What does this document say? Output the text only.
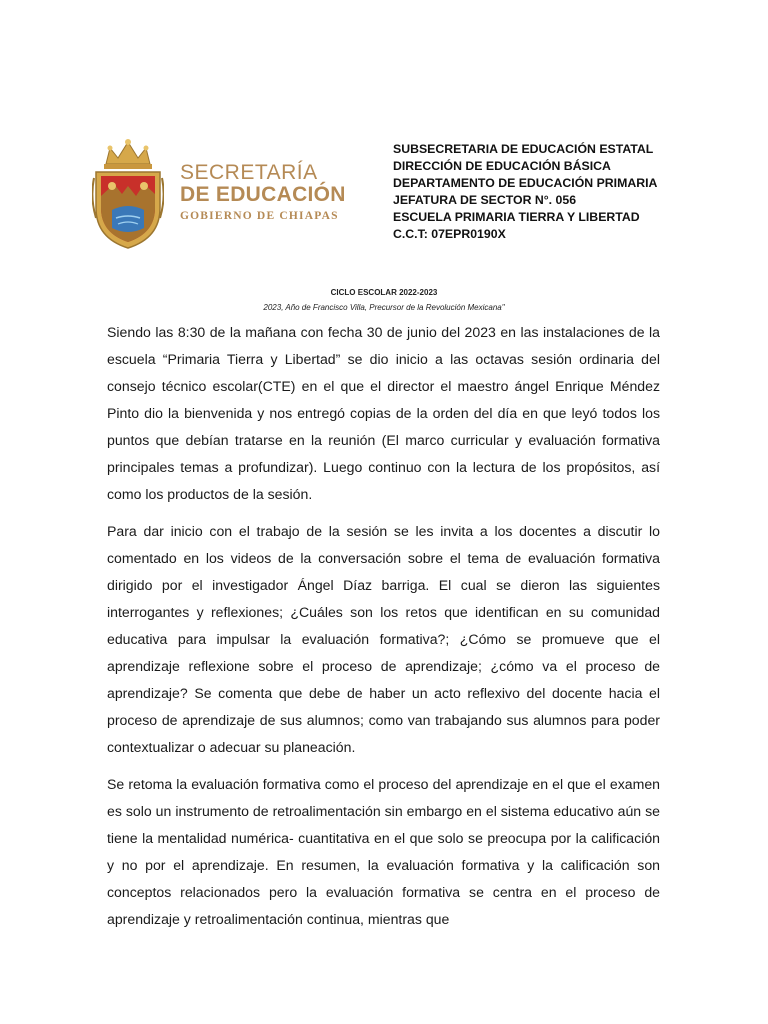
SECRETARÍA
DE EDUCACIÓN
GOBIERNO DE CHIAPAS
SUBSECRETARIA DE EDUCACIÓN ESTATAL
DIRECCIÓN DE EDUCACIÓN BÁSICA
DEPARTAMENTO DE EDUCACIÓN PRIMARIA
JEFATURA DE SECTOR N°. 056
ESCUELA PRIMARIA TIERRA Y LIBERTAD
C.C.T: 07EPR0190X
CICLO ESCOLAR 2022-2023
2023, Año de Francisco Villa, Precursor de la Revolución Mexicana"

Siendo las 8:30 de la mañana con fecha 30 de junio del 2023 en las instalaciones de la escuela “Primaria Tierra y Libertad” se dio inicio a las octavas sesión ordinaria del consejo técnico escolar(CTE) en el que el director el maestro ángel Enrique Méndez Pinto dio la bienvenida y nos entregó copias de la orden del día en que leyó todos los puntos que debían tratarse en la reunión (El marco curricular y evaluación formativa principales temas a profundizar). Luego continuo con la lectura de los propósitos, así como los productos de la sesión.

Para dar inicio con el trabajo de la sesión se les invita a los docentes a discutir lo comentado en los videos de la conversación sobre el tema de evaluación formativa dirigido por el investigador Ángel Díaz barriga. El cual se dieron las siguientes interrogantes y reflexiones; ¿Cuáles son los retos que identifican en su comunidad educativa para impulsar la evaluación formativa?; ¿Cómo se promueve que el aprendizaje reflexione sobre el proceso de aprendizaje; ¿cómo va el proceso de aprendizaje? Se comenta que debe de haber un acto reflexivo del docente hacia el proceso de aprendizaje de sus alumnos; como van trabajando sus alumnos para poder contextualizar o adecuar su planeación.

Se retoma la evaluación formativa como el proceso del aprendizaje en el que el examen es solo un instrumento de retroalimentación sin embargo en el sistema educativo aún se tiene la mentalidad numérica- cuantitativa en el que solo se preocupa por la calificación y no por el aprendizaje. En resumen, la evaluación formativa y la calificación son conceptos relacionados pero la evaluación formativa se centra en el proceso de aprendizaje y retroalimentación continua, mientras que
